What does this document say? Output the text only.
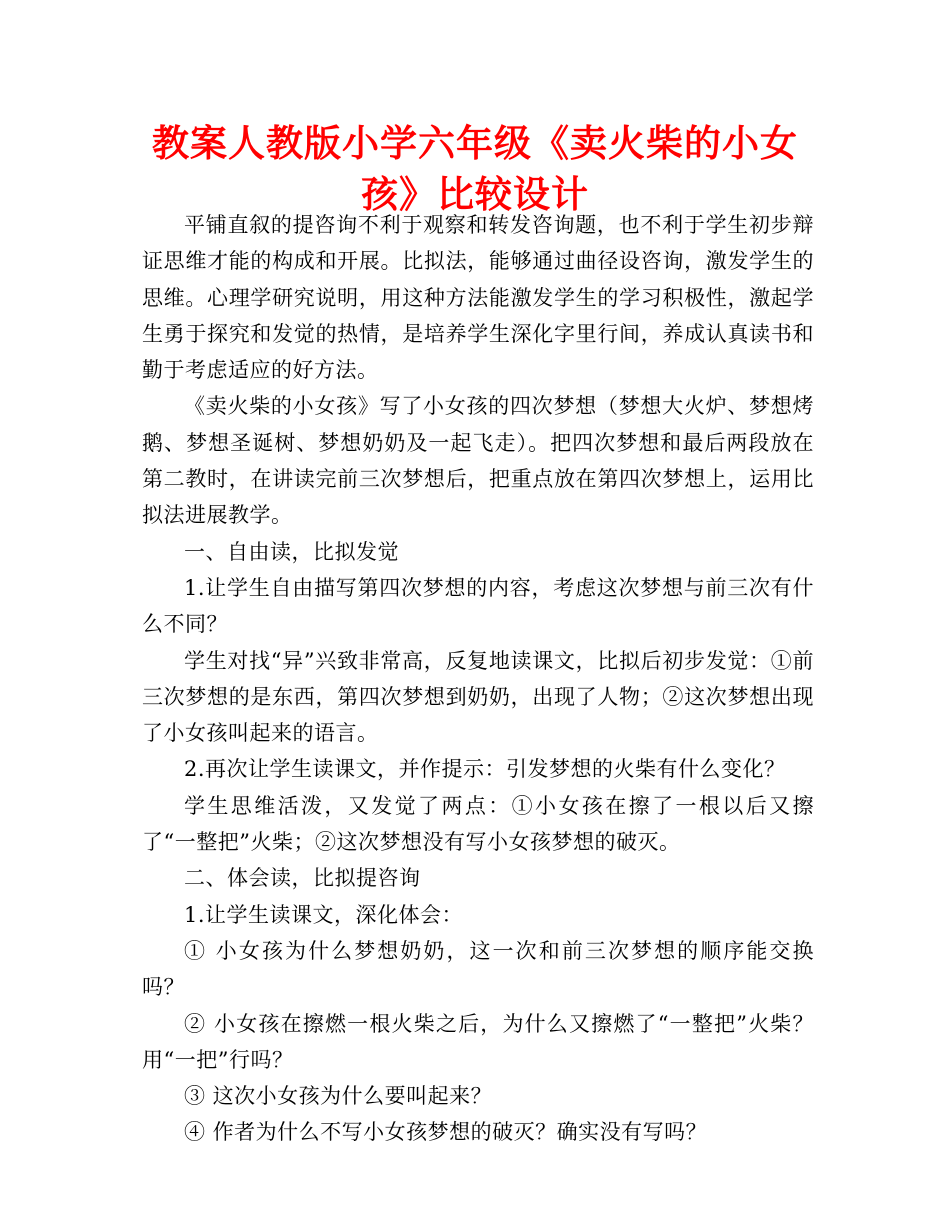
教案人教版小学六年级《卖火柴的小女孩》比较设计

平铺直叙的提咨询不利于观察和转发咨询题，也不利于学生初步辩证思维才能的构成和开展。比拟法，能够通过曲径设咨询，激发学生的思维。心理学研究说明，用这种方法能激发学生的学习积极性，激起学生勇于探究和发觉的热情，是培养学生深化字里行间，养成认真读书和勤于考虑适应的好方法。

《卖火柴的小女孩》写了小女孩的四次梦想（梦想大火炉、梦想烤鹅、梦想圣诞树、梦想奶奶及一起飞走）。把四次梦想和最后两段放在第二教时，在讲读完前三次梦想后，把重点放在第四次梦想上，运用比拟法进展教学。

一、自由读，比拟发觉

1.让学生自由描写第四次梦想的内容，考虑这次梦想与前三次有什么不同？

学生对找“异”兴致非常高，反复地读课文，比拟后初步发觉：①前三次梦想的是东西，第四次梦想到奶奶，出现了人物；②这次梦想出现了小女孩叫起来的语言。

2.再次让学生读课文，并作提示：引发梦想的火柴有什么变化？

学生思维活泼，又发觉了两点：①小女孩在擦了一根以后又擦了“一整把”火柴；②这次梦想没有写小女孩梦想的破灭。

二、体会读，比拟提咨询

1.让学生读课文，深化体会：

① 小女孩为什么梦想奶奶，这一次和前三次梦想的顺序能交换吗？

② 小女孩在擦燃一根火柴之后，为什么又擦燃了“一整把”火柴？用“一把”行吗？

③ 这次小女孩为什么要叫起来？

④ 作者为什么不写小女孩梦想的破灭？确实没有写吗？
